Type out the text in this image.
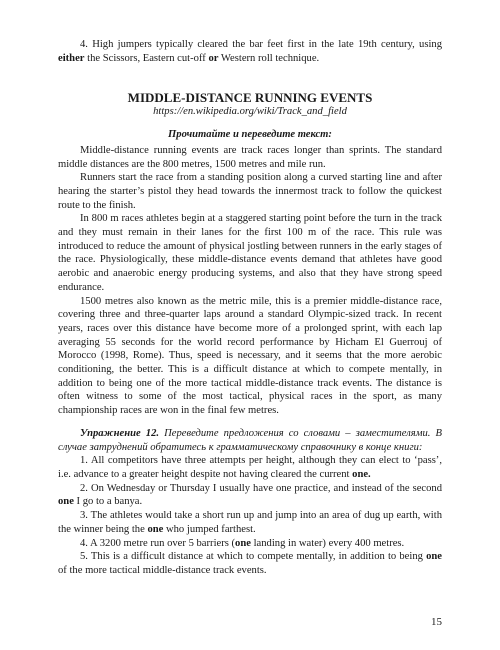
4. High jumpers typically cleared the bar feet first in the late 19th century, using either the Scissors, Eastern cut-off or Western roll technique.

MIDDLE-DISTANCE RUNNING EVENTS
https://en.wikipedia.org/wiki/Track_and_field
Прочитайте и переведите текст:

Middle-distance running events are track races longer than sprints. The standard middle distances are the 800 metres, 1500 metres and mile run.

Runners start the race from a standing position along a curved starting line and after hearing the starter’s pistol they head towards the innermost track to follow the quickest route to the finish.

In 800 m races athletes begin at a staggered starting point before the turn in the track and they must remain in their lanes for the first 100 m of the race. This rule was introduced to reduce the amount of physical jostling between runners in the early stages of the race. Physiologically, these middle-distance events demand that athletes have good aerobic and anaerobic energy producing systems, and also that they have strong speed endurance.

1500 metres also known as the metric mile, this is a premier middle-distance race, covering three and three-quarter laps around a standard Olympic-sized track. In recent years, races over this distance have become more of a prolonged sprint, with each lap averaging 55 seconds for the world record performance by Hicham El Guerrouj of Morocco (1998, Rome). Thus, speed is necessary, and it seems that the more aerobic conditioning, the better. This is a difficult distance at which to compete mentally, in addition to being one of the more tactical middle-distance track events. The distance is often witness to some of the most tactical, physical races in the sport, as many championship races are won in the final few metres.

Упражнение 12. Переведите предложения со словами – заместителями. В случае затруднений обратитесь к грамматическому справочнику в конце книги:

1. All competitors have three attempts per height, although they can elect to ‘pass’, i.e. advance to a greater height despite not having cleared the current one.

2. On Wednesday or Thursday I usually have one practice, and instead of the second one I go to a banya.

3. The athletes would take a short run up and jump into an area of dug up earth, with the winner being the one who jumped farthest.

4. A 3200 metre run over 5 barriers (one landing in water) every 400 metres.

5. This is a difficult distance at which to compete mentally, in addition to being one of the more tactical middle-distance track events.

15
